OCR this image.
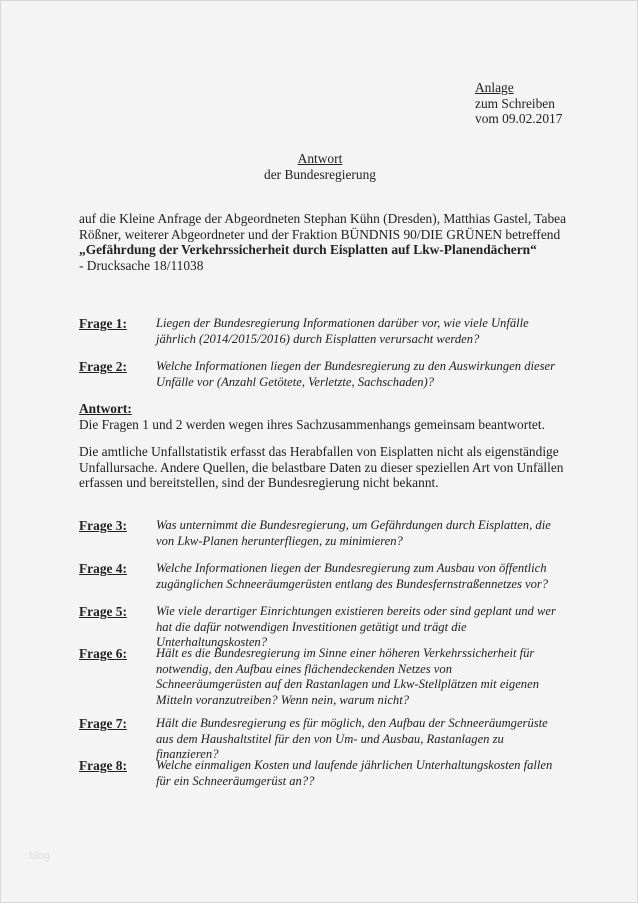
Anlage
zum Schreiben
vom 09.02.2017
Antwort
der Bundesregierung
auf die Kleine Anfrage der Abgeordneten Stephan Kühn (Dresden), Matthias Gastel, Tabea
Rößner, weiterer Abgeordneter und der Fraktion BÜNDNIS 90/DIE GRÜNEN betreffend
„Gefährdung der Verkehrssicherheit durch Eisplatten auf Lkw-Planendächern“
- Drucksache 18/11038
Frage 1: Liegen der Bundesregierung Informationen darüber vor, wie viele Unfälle jährlich (2014/2015/2016) durch Eisplatten verursacht werden?
Frage 2: Welche Informationen liegen der Bundesregierung zu den Auswirkungen dieser Unfälle vor (Anzahl Getötete, Verletzte, Sachschaden)?
Antwort:
Die Fragen 1 und 2 werden wegen ihres Sachzusammenhangs gemeinsam beantwortet.
Die amtliche Unfallstatistik erfasst das Herabfallen von Eisplatten nicht als eigenständige Unfallursache. Andere Quellen, die belastbare Daten zu dieser speziellen Art von Unfällen erfassen und bereitstellen, sind der Bundesregierung nicht bekannt.
Frage 3: Was unternimmt die Bundesregierung, um Gefährdungen durch Eisplatten, die von Lkw-Planen herunterfliegen, zu minimieren?
Frage 4: Welche Informationen liegen der Bundesregierung zum Ausbau von öffentlich zugänglichen Schneeräumgerüsten entlang des Bundesfernstraßennetzes vor?
Frage 5: Wie viele derartiger Einrichtungen existieren bereits oder sind geplant und wer hat die dafür notwendigen Investitionen getätigt und trägt die Unterhaltungskosten?
Frage 6: Hält es die Bundesregierung im Sinne einer höheren Verkehrssicherheit für notwendig, den Aufbau eines flächendeckenden Netzes von Schneeräumgerüsten auf den Rastanlagen und Lkw-Stellplätzen mit eigenen Mitteln voranzutreiben? Wenn nein, warum nicht?
Frage 7: Hält die Bundesregierung es für möglich, den Aufbau der Schneeräumgerüste aus dem Haushaltstitel für den von Um- und Ausbau, Rastanlagen zu finanzieren?
Frage 8: Welche einmaligen Kosten und laufende jährlichen Unterhaltungskosten fallen für ein Schneeräumgerüst an??
blog
